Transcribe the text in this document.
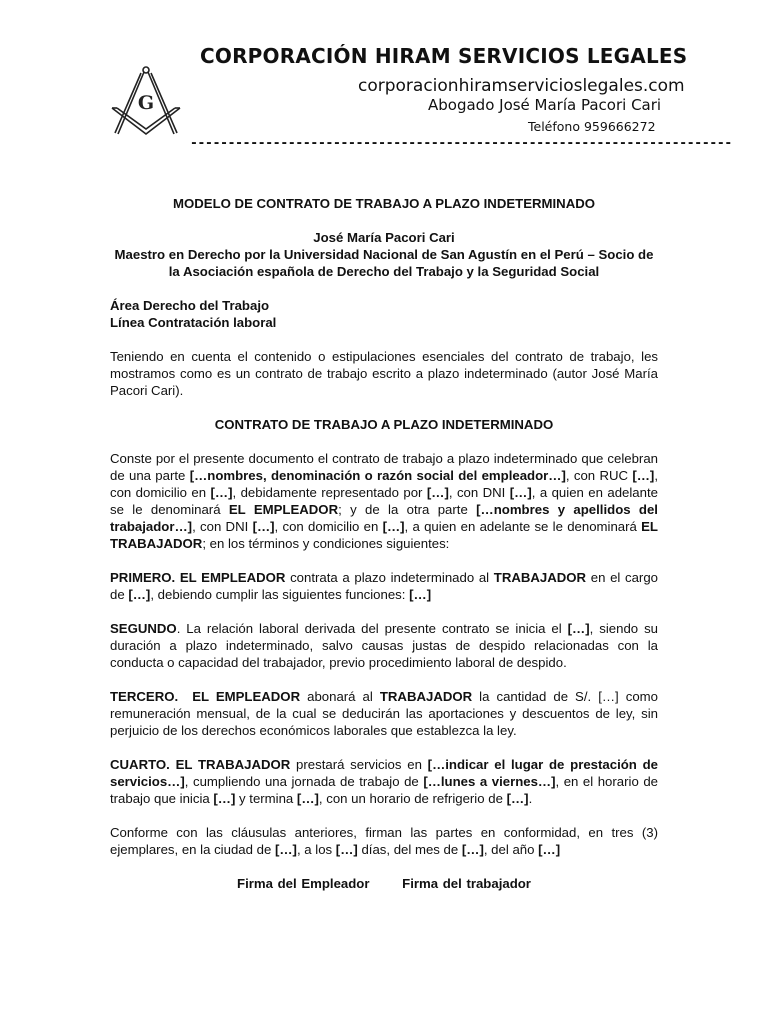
G
CORPORACIÓN HIRAM SERVICIOS LEGALES
corporacionhiramservicioslegales.com
Abogado José María Pacori Cari
Teléfono 959666272
------------------------------------------------------------------------

MODELO DE CONTRATO DE TRABAJO A PLAZO INDETERMINADO

José María Pacori Cari

Maestro en Derecho por la Universidad Nacional de San Agustín en el Perú – Socio de la Asociación española de Derecho del Trabajo y la Seguridad Social

Área Derecho del Trabajo

Línea Contratación laboral

Teniendo en cuenta el contenido o estipulaciones esenciales del contrato de trabajo, les mostramos como es un contrato de trabajo escrito a plazo indeterminado (autor José María Pacori Cari).

CONTRATO DE TRABAJO A PLAZO INDETERMINADO

Conste por el presente documento el contrato de trabajo a plazo indeterminado que celebran de una parte […nombres, denominación o razón social del empleador…], con RUC […], con domicilio en […], debidamente representado por […], con DNI […], a quien en adelante se le denominará EL EMPLEADOR; y de la otra parte […nombres y apellidos del trabajador…], con DNI […], con domicilio en […], a quien en adelante se le denominará EL TRABAJADOR; en los términos y condiciones siguientes:

PRIMERO. EL EMPLEADOR contrata a plazo indeterminado al TRABAJADOR en el cargo de […], debiendo cumplir las siguientes funciones: […]

SEGUNDO. La relación laboral derivada del presente contrato se inicia el […], siendo su duración a plazo indeterminado, salvo causas justas de despido relacionadas con la conducta o capacidad del trabajador, previo procedimiento laboral de despido.

TERCERO.  EL EMPLEADOR abonará al TRABAJADOR la cantidad de S/. […] como remuneración mensual, de la cual se deducirán las aportaciones y descuentos de ley, sin perjuicio de los derechos económicos laborales que establezca la ley.

CUARTO. EL TRABAJADOR prestará servicios en […indicar el lugar de prestación de servicios…], cumpliendo una jornada de trabajo de […lunes a viernes…], en el horario de trabajo que inicia […] y termina […], con un horario de refrigerio de […].

Conforme con las cláusulas anteriores, firman las partes en conformidad, en tres (3) ejemplares, en la ciudad de […], a los […] días, del mes de […], del año […]

Firma del Empleador Firma del trabajador
